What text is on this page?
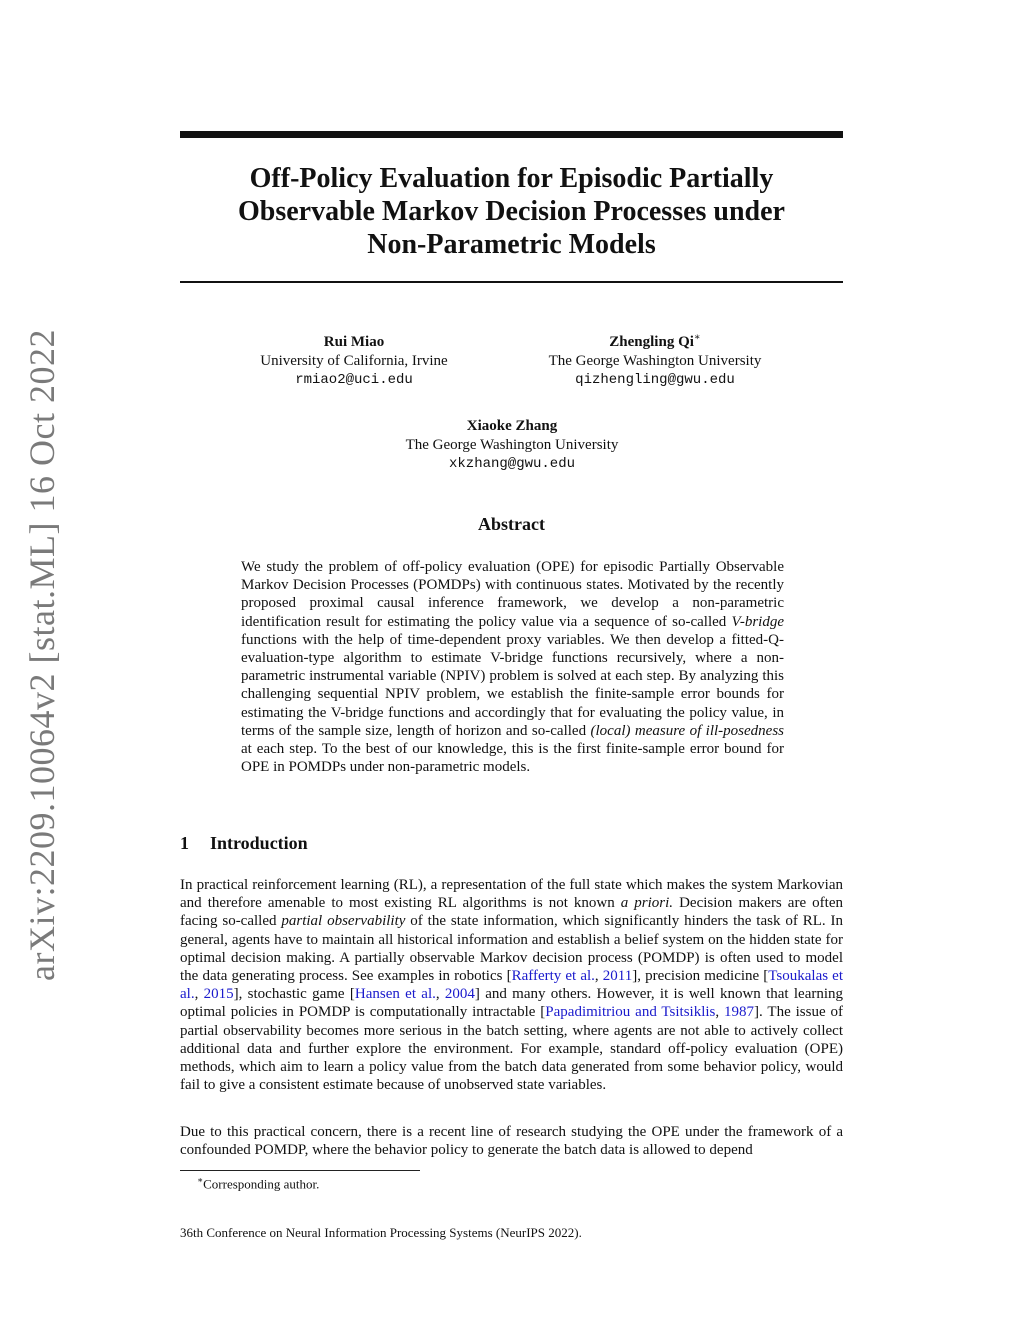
arXiv:2209.10064v2 [stat.ML] 16 Oct 2022
Off-Policy Evaluation for Episodic Partially
Observable Markov Decision Processes under
Non-Parametric Models
Rui Miao
University of California, Irvine
rmiao2@uci.edu
Zhengling Qi∗
The George Washington University
qizhengling@gwu.edu
Xiaoke Zhang
The George Washington University
xkzhang@gwu.edu
Abstract

We study the problem of off-policy evaluation (OPE) for episodic Partially Observable Markov Decision Processes (POMDPs) with continuous states. Motivated by the recently proposed proximal causal inference framework, we develop a non-parametric identification result for estimating the policy value via a sequence of so-called V-bridge functions with the help of time-dependent proxy variables. We then develop a fitted-Q-evaluation-type algorithm to estimate V-bridge functions recursively, where a non-parametric instrumental variable (NPIV) problem is solved at each step. By analyzing this challenging sequential NPIV problem, we establish the finite-sample error bounds for estimating the V-bridge functions and accordingly that for evaluating the policy value, in terms of the sample size, length of horizon and so-called (local) measure of ill-posedness at each step. To the best of our knowledge, this is the first finite-sample error bound for OPE in POMDPs under non-parametric models.

1 Introduction

In practical reinforcement learning (RL), a representation of the full state which makes the system Markovian and therefore amenable to most existing RL algorithms is not known a priori. Decision makers are often facing so-called partial observability of the state information, which significantly hinders the task of RL. In general, agents have to maintain all historical information and establish a belief system on the hidden state for optimal decision making. A partially observable Markov decision process (POMDP) is often used to model the data generating process. See examples in robotics [Rafferty et al., 2011], precision medicine [Tsoukalas et al., 2015], stochastic game [Hansen et al., 2004] and many others. However, it is well known that learning optimal policies in POMDP is computationally intractable [Papadimitriou and Tsitsiklis, 1987]. The issue of partial observability becomes more serious in the batch setting, where agents are not able to actively collect additional data and further explore the environment. For example, standard off-policy evaluation (OPE) methods, which aim to learn a policy value from the batch data generated from some behavior policy, would fail to give a consistent estimate because of unobserved state variables.

Due to this practical concern, there is a recent line of research studying the OPE under the framework of a confounded POMDP, where the behavior policy to generate the batch data is allowed to depend

∗Corresponding author.

36th Conference on Neural Information Processing Systems (NeurIPS 2022).
